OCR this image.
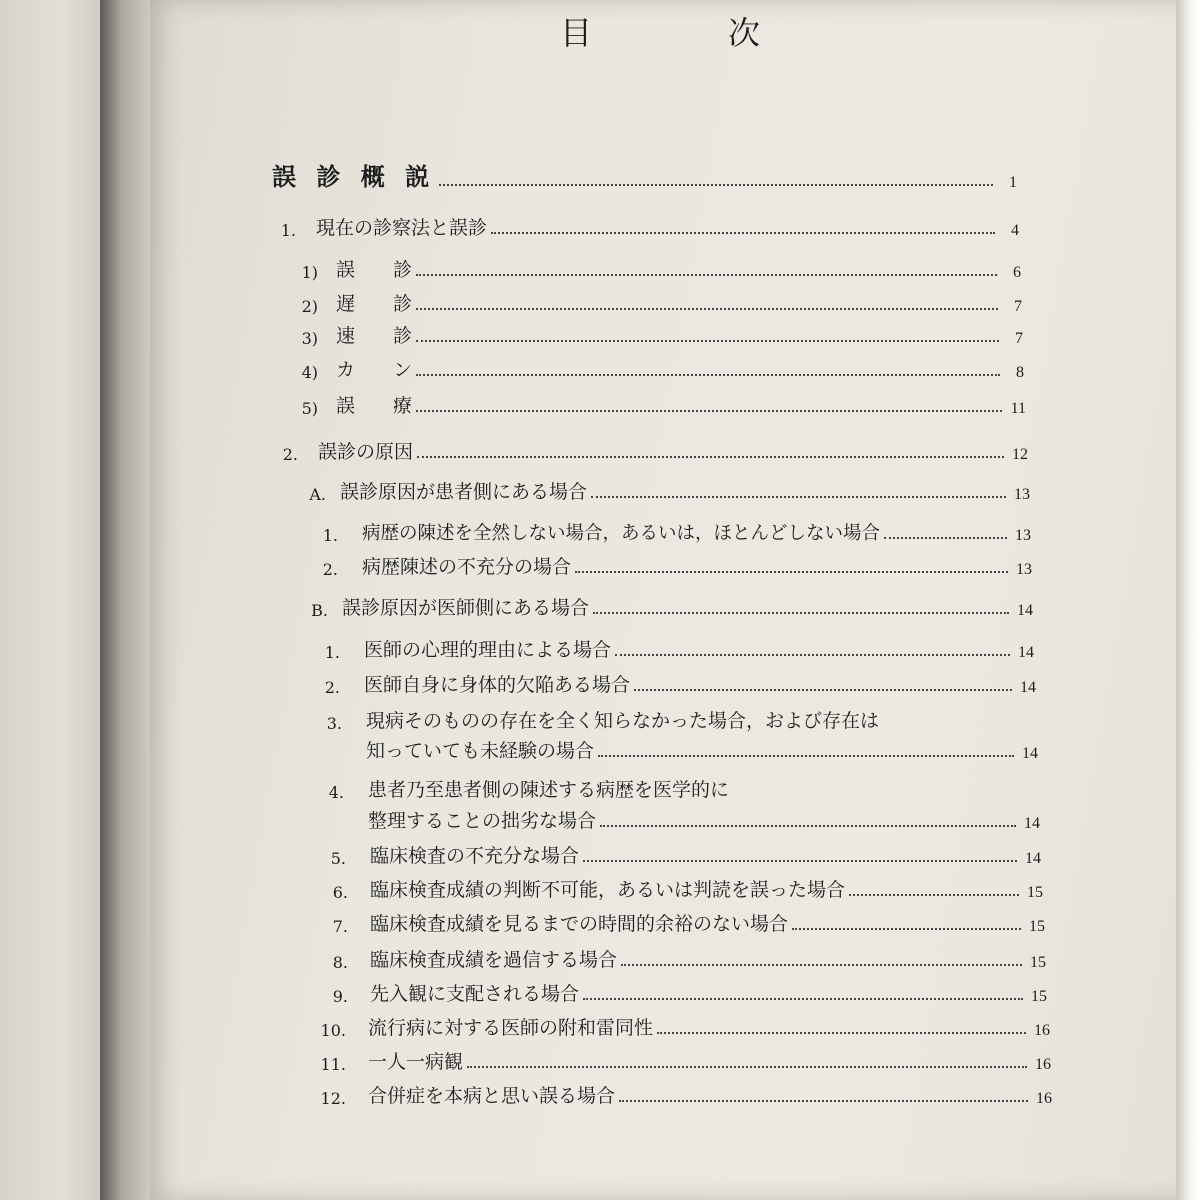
目	次
誤 診 概 説	1
1. 現在の診察法と誤診	4
1) 誤　　診	6
2) 遅　　診	7
3) 速　　診	7
4) カ　　ン	8
5) 誤　　療	11
2. 誤診の原因	12
A. 誤診原因が患者側にある場合	13
1. 病歴の陳述を全然しない場合，あるいは，ほとんどしない場合	13
2. 病歴陳述の不充分の場合	13
B. 誤診原因が医師側にある場合	14
1. 医師の心理的理由による場合	14
2. 医師自身に身体的欠陥ある場合	14
3. 現病そのものの存在を全く知らなかった場合，および存在は
知っていても未経験の場合	14
4. 患者乃至患者側の陳述する病歴を医学的に
整理することの拙劣な場合	14
5. 臨床検査の不充分な場合	14
6. 臨床検査成績の判断不可能，あるいは判読を誤った場合	15
7. 臨床検査成績を見るまでの時間的余裕のない場合	15
8. 臨床検査成績を過信する場合	15
9. 先入観に支配される場合	15
10. 流行病に対する医師の附和雷同性	16
11. 一人一病観	16
12. 合併症を本病と思い誤る場合	16
